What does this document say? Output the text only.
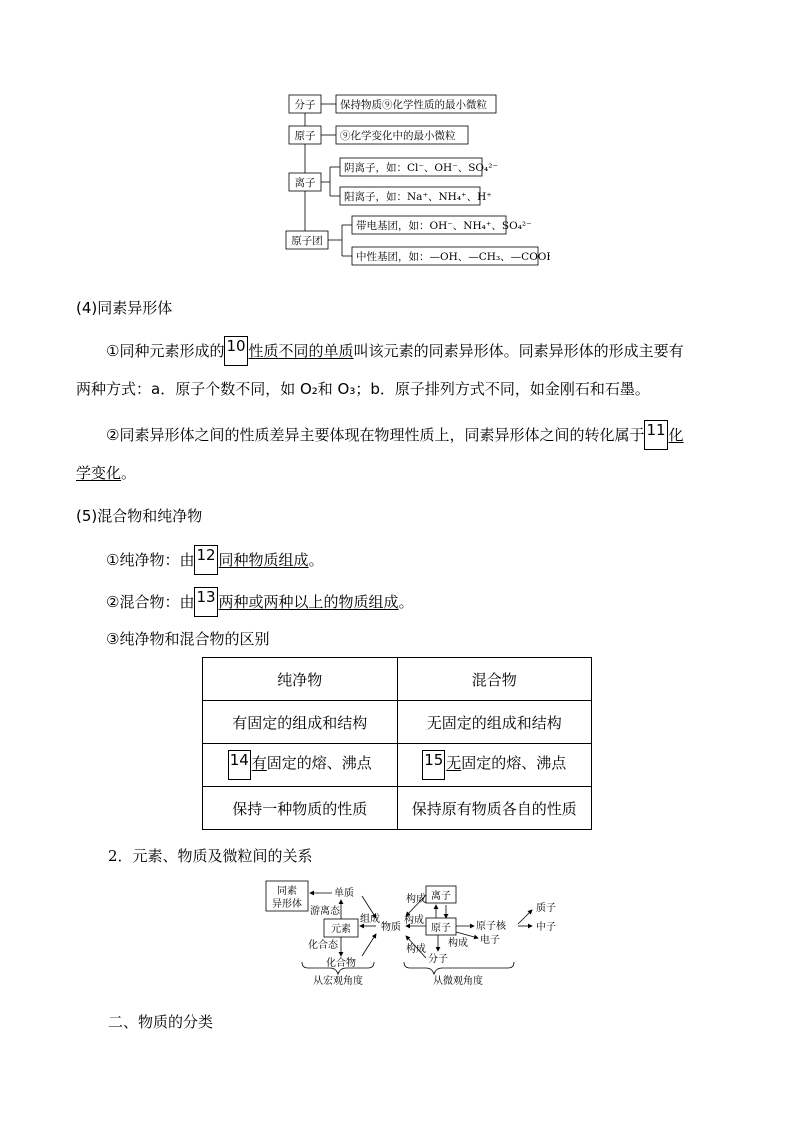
分子 保持物质⑨化学性质的最小微粒
原子 ⑨化学变化中的最小微粒
离子
阴离子，如：Cl⁻、OH⁻、SO₄²⁻
阳离子，如：Na⁺、NH₄⁺、H⁺
原子团
带电基团，如：OH⁻、NH₄⁺、SO₄²⁻
中性基团，如：—OH、—CH₃、—COOH
(4)同素异形体
①同种元素形成的 10 性质不同的单质叫该元素的同素异形体。同素异形体的形成主要有
两种方式：a．原子个数不同，如 O₂和 O₃；b．原子排列方式不同，如金刚石和石墨。
②同素异形体之间的性质差异主要体现在物理性质上，同素异形体之间的转化属于 11 化
学变化。
(5)混合物和纯净物
①纯净物：由 12 同种物质组成。
②混合物：由 13 两种或两种以上的物质组成。
③纯净物和混合物的区别
纯净物	混合物
有固定的组成和结构	无固定的组成和结构
14 有固定的熔、沸点	15 无固定的熔、沸点
保持一种物质的性质	保持原有物质各自的性质
2．元素、物质及微粒间的关系
同素
异形体
单质
游离态
元素
组成
化合态
化合物
物质
构成
构成
构成
构成
离子
原子
分子
原子核
电子
质子
中子
从宏观角度	从微观角度
二、物质的分类
